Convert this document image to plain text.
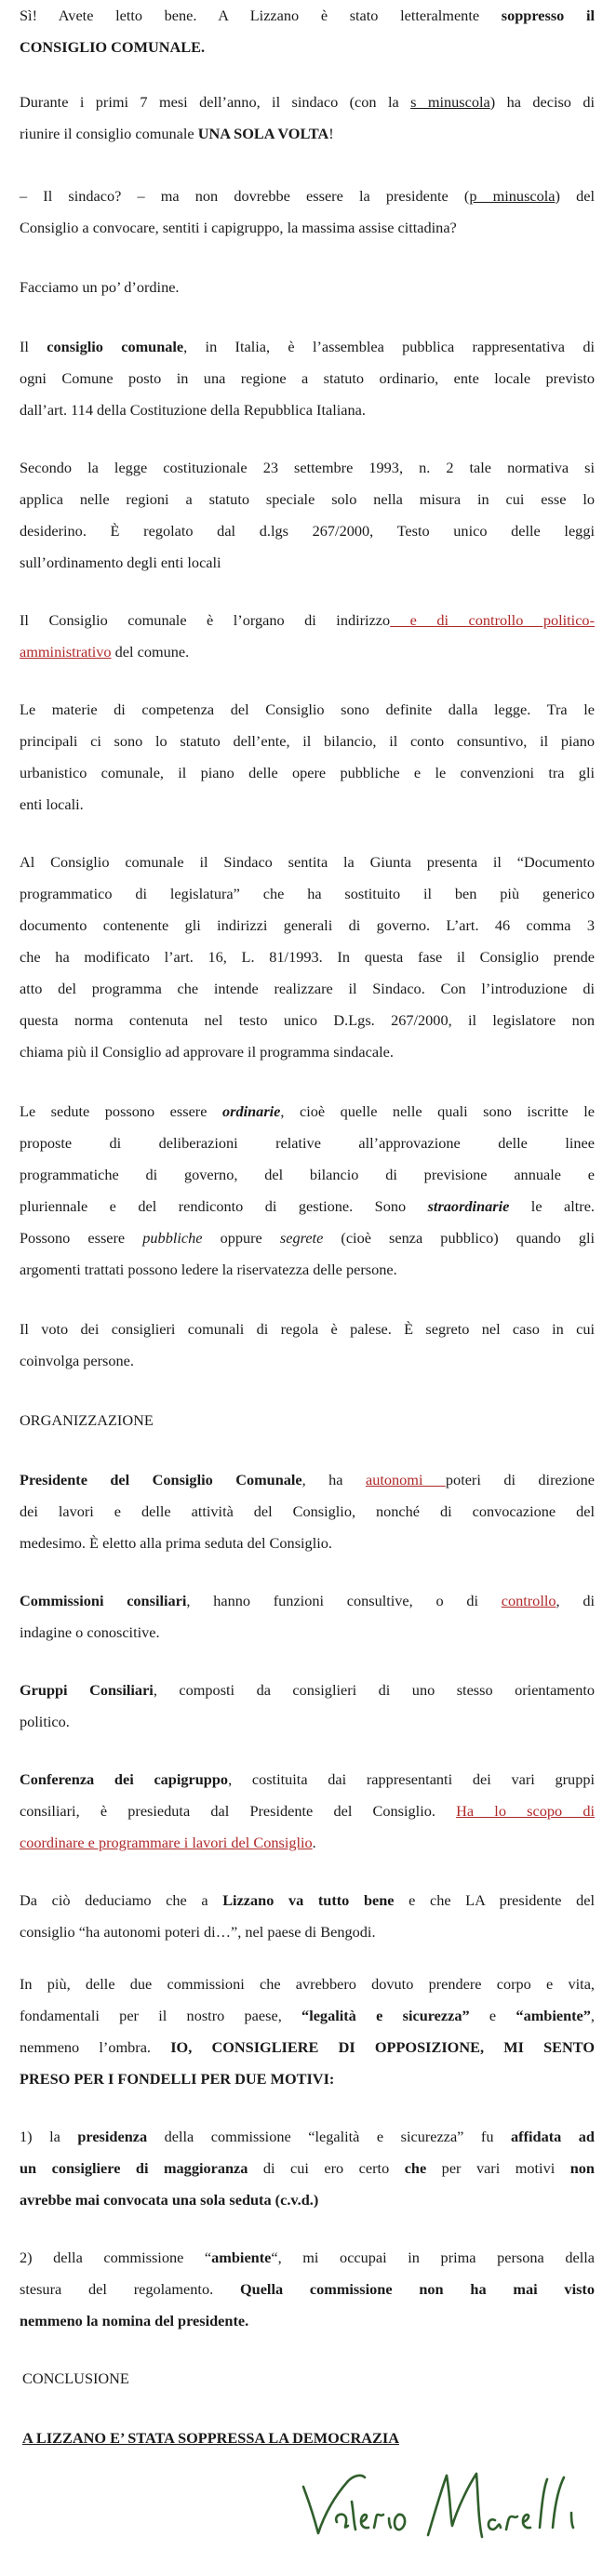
Sì! Avete letto bene. A Lizzano è stato letteralmente soppresso il
CONSIGLIO COMUNALE.

Durante i primi 7 mesi dell’anno, il sindaco (con la s minuscola) ha deciso di
riunire il consiglio comunale UNA SOLA VOLTA!

– Il sindaco? – ma non dovrebbe essere la presidente (p minuscola) del
Consiglio a convocare, sentiti i capigruppo, la massima assise cittadina?

Facciamo un po’ d’ordine.

Il consiglio comunale, in Italia, è l’assemblea pubblica rappresentativa di
ogni Comune posto in una regione a statuto ordinario, ente locale previsto
dall’art. 114 della Costituzione della Repubblica Italiana.

Secondo la legge costituzionale 23 settembre 1993, n. 2 tale normativa si
applica nelle regioni a statuto speciale solo nella misura in cui esse lo
desiderino. È regolato dal d.lgs 267/2000, Testo unico delle leggi
sull’ordinamento degli enti locali

Il Consiglio comunale è l’organo di indirizzo e di controllo politico-
amministrativo del comune.

Le materie di competenza del Consiglio sono definite dalla legge. Tra le
principali ci sono lo statuto dell’ente, il bilancio, il conto consuntivo, il piano
urbanistico comunale, il piano delle opere pubbliche e le convenzioni tra gli
enti locali.

Al Consiglio comunale il Sindaco sentita la Giunta presenta il “Documento
programmatico di legislatura” che ha sostituito il ben più generico
documento contenente gli indirizzi generali di governo. L’art. 46 comma 3
che ha modificato l’art. 16, L. 81/1993. In questa fase il Consiglio prende
atto del programma che intende realizzare il Sindaco. Con l’introduzione di
questa norma contenuta nel testo unico D.Lgs. 267/2000, il legislatore non
chiama più il Consiglio ad approvare il programma sindacale.

Le sedute possono essere ordinarie, cioè quelle nelle quali sono iscritte le
proposte di deliberazioni relative all’approvazione delle linee
programmatiche di governo, del bilancio di previsione annuale e
pluriennale e del rendiconto di gestione. Sono straordinarie le altre.
Possono essere pubbliche oppure segrete (cioè senza pubblico) quando gli
argomenti trattati possono ledere la riservatezza delle persone.

Il voto dei consiglieri comunali di regola è palese. È segreto nel caso in cui
coinvolga persone.

ORGANIZZAZIONE

Presidente del Consiglio Comunale, ha autonomi poteri di direzione
dei lavori e delle attività del Consiglio, nonché di convocazione del
medesimo. È eletto alla prima seduta del Consiglio.

Commissioni consiliari, hanno funzioni consultive, o di controllo, di
indagine o conoscitive.

Gruppi Consiliari, composti da consiglieri di uno stesso orientamento
politico.

Conferenza dei capigruppo, costituita dai rappresentanti dei vari gruppi
consiliari, è presieduta dal Presidente del Consiglio. Ha lo scopo di
coordinare e programmare i lavori del Consiglio.

Da ciò deduciamo che a Lizzano va tutto bene e che LA presidente del
consiglio “ha autonomi poteri di…”, nel paese di Bengodi.

In più, delle due commissioni che avrebbero dovuto prendere corpo e vita,
fondamentali per il nostro paese, “legalità e sicurezza” e “ambiente”,
nemmeno l’ombra. IO, CONSIGLIERE DI OPPOSIZIONE, MI SENTO
PRESO PER I FONDELLI PER DUE MOTIVI:

1) la presidenza della commissione “legalità e sicurezza” fu affidata ad
un consigliere di maggioranza di cui ero certo che per vari motivi non
avrebbe mai convocata una sola seduta (c.v.d.)

2) della commissione “ambiente“, mi occupai in prima persona della
stesura del regolamento. Quella commissione non ha mai visto
nemmeno la nomina del presidente.

CONCLUSIONE

A LIZZANO E’ STATA SOPPRESSA LA DEMOCRAZIA
